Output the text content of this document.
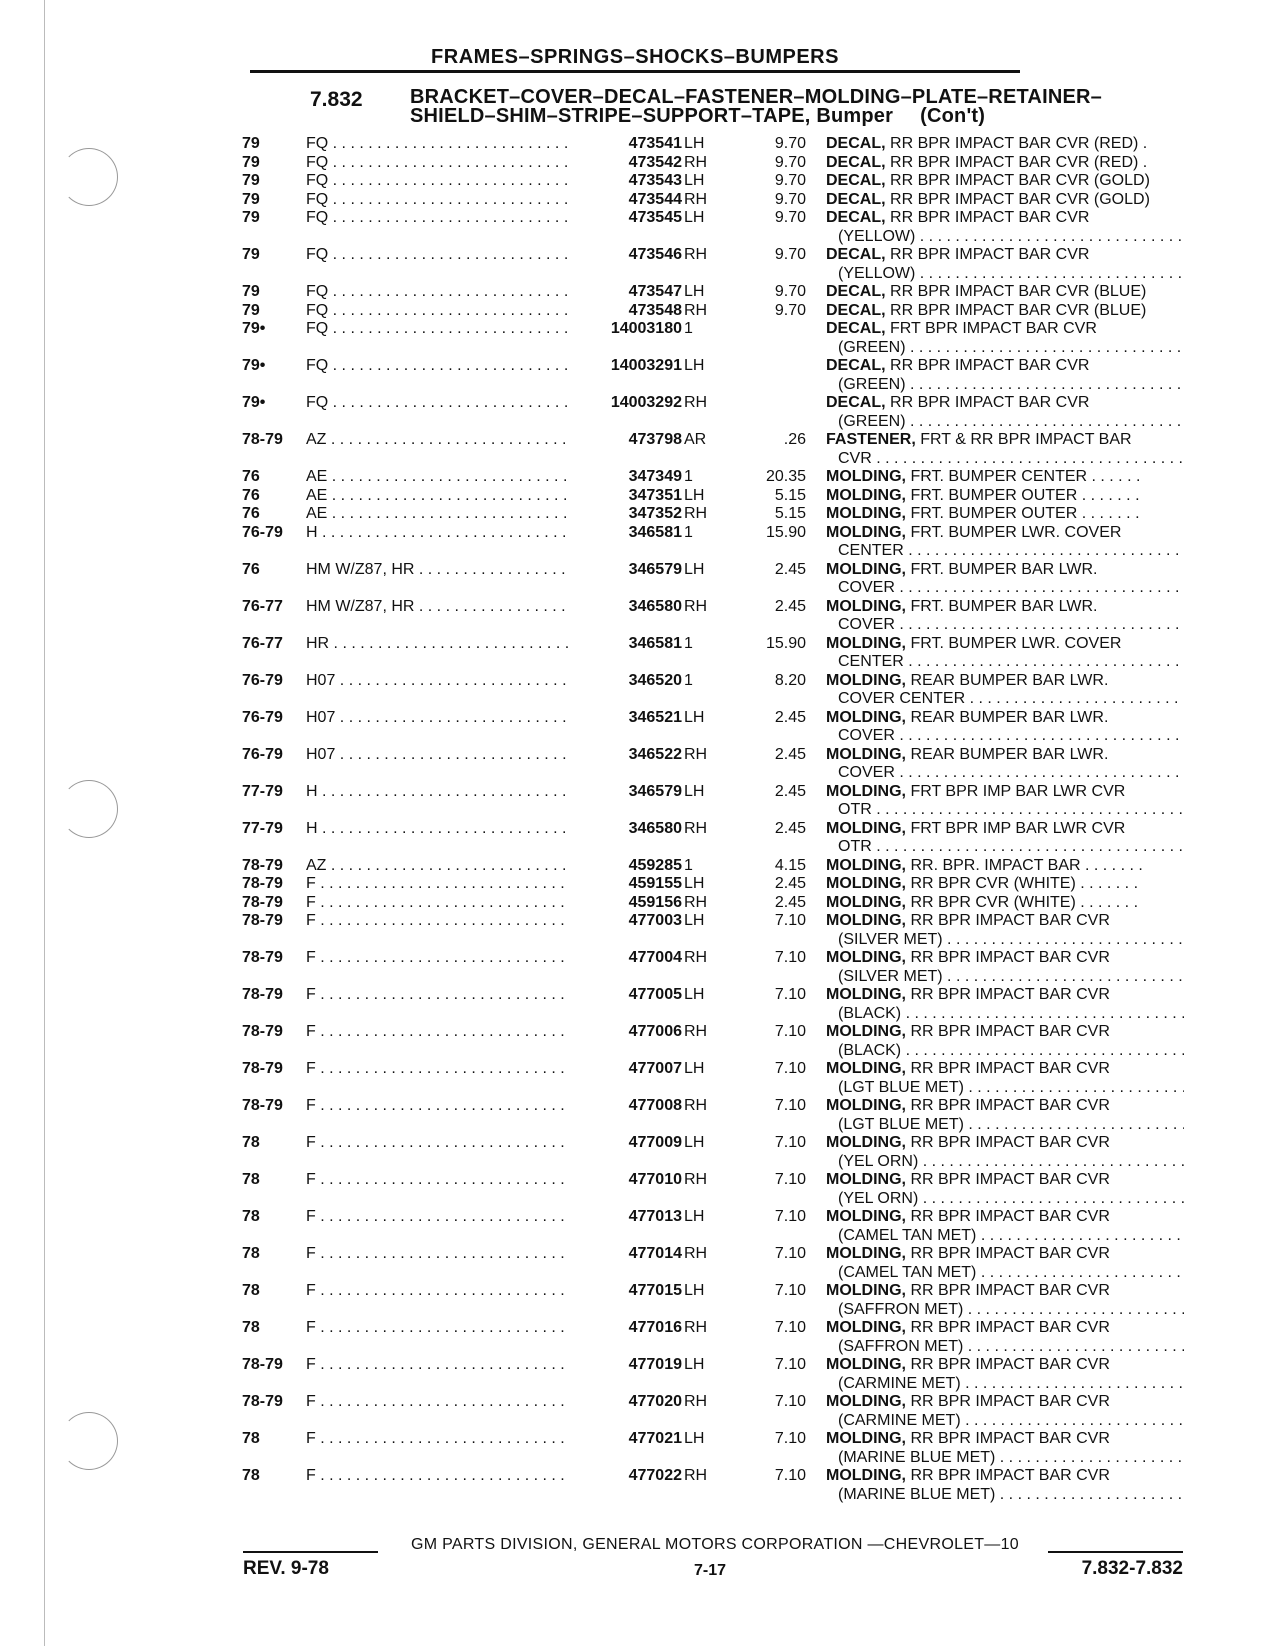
FRAMES–SPRINGS–SHOCKS–BUMPERS
7.832 BRACKET–COVER–DECAL–FASTENER–MOLDING–PLATE–RETAINER–
SHIELD–SHIM–STRIPE–SUPPORT–TAPE, Bumper (Con't)
79	FQ . . .	473541 LH	9.70 DECAL, RR BPR IMPACT BAR CVR (RED) .
79	FQ . . .	473542 RH	9.70 DECAL, RR BPR IMPACT BAR CVR (RED) .
79	FQ . . .	473543 LH	9.70 DECAL, RR BPR IMPACT BAR CVR (GOLD)
79	FQ . . .	473544 RH	9.70 DECAL, RR BPR IMPACT BAR CVR (GOLD)
79	FQ . . .	473545 LH	9.70 DECAL, RR BPR IMPACT BAR CVR
(YELLOW) . . .
79	FQ . . .	473546 RH	9.70 DECAL, RR BPR IMPACT BAR CVR
(YELLOW) . . .
79	FQ . . .	473547 LH	9.70 DECAL, RR BPR IMPACT BAR CVR (BLUE)
79	FQ . . .	473548 RH	9.70 DECAL, RR BPR IMPACT BAR CVR (BLUE)
79•	FQ . . .	14003180 1	DECAL, FRT BPR IMPACT BAR CVR
(GREEN) . . .
79•	FQ . . .	14003291 LH	DECAL, RR BPR IMPACT BAR CVR
(GREEN) . . .
79•	FQ . . .	14003292 RH	DECAL, RR BPR IMPACT BAR CVR
(GREEN) . . .
78-79 AZ . . .	473798 AR	.26 FASTENER, FRT & RR BPR IMPACT BAR
CVR . . .
76	AE . . .	347349 1	20.35 MOLDING, FRT. BUMPER CENTER . . . . . .
76	AE . . .	347351 LH	5.15 MOLDING, FRT. BUMPER OUTER . . . . . . .
76	AE . . .	347352 RH	5.15 MOLDING, FRT. BUMPER OUTER . . . . . . .
76-79 H . . .	346581 1	15.90 MOLDING, FRT. BUMPER LWR. COVER
CENTER . . .
76	HM W/Z87, HR . . .	346579 LH	2.45 MOLDING, FRT. BUMPER BAR LWR.
COVER . . .
76-77 HM W/Z87, HR . . .	346580 RH	2.45 MOLDING, FRT. BUMPER BAR LWR.
COVER . . .
76-77 HR . . .	346581 1	15.90 MOLDING, FRT. BUMPER LWR. COVER
CENTER . . .
76-79 H07 . . .	346520 1	8.20 MOLDING, REAR BUMPER BAR LWR.
COVER CENTER . . .
76-79 H07 . . .	346521 LH	2.45 MOLDING, REAR BUMPER BAR LWR.
COVER . . .
76-79 H07 . . .	346522 RH	2.45 MOLDING, REAR BUMPER BAR LWR.
COVER . . .
77-79 H . . .	346579 LH	2.45 MOLDING, FRT BPR IMP BAR LWR CVR
OTR . . .
77-79 H . . .	346580 RH	2.45 MOLDING, FRT BPR IMP BAR LWR CVR
OTR . . .
78-79 AZ . . .	459285 1	4.15 MOLDING, RR. BPR. IMPACT BAR . . . . . . .
78-79 F . . .	459155 LH	2.45 MOLDING, RR BPR CVR (WHITE) . . . . . . .
78-79 F . . .	459156 RH	2.45 MOLDING, RR BPR CVR (WHITE) . . . . . . .
78-79 F . . .	477003 LH	7.10 MOLDING, RR BPR IMPACT BAR CVR
(SILVER MET) . . .
78-79 F . . .	477004 RH	7.10 MOLDING, RR BPR IMPACT BAR CVR
(SILVER MET) . . .
78-79 F . . .	477005 LH	7.10 MOLDING, RR BPR IMPACT BAR CVR
(BLACK) . . .
78-79 F . . .	477006 RH	7.10 MOLDING, RR BPR IMPACT BAR CVR
(BLACK) . . .
78-79 F . . .	477007 LH	7.10 MOLDING, RR BPR IMPACT BAR CVR
(LGT BLUE MET) . . .
78-79 F . . .	477008 RH	7.10 MOLDING, RR BPR IMPACT BAR CVR
(LGT BLUE MET) . . .
78	F . . .	477009 LH	7.10 MOLDING, RR BPR IMPACT BAR CVR
(YEL ORN) . . .
78	F . . .	477010 RH	7.10 MOLDING, RR BPR IMPACT BAR CVR
(YEL ORN) . . .
78	F . . .	477013 LH	7.10 MOLDING, RR BPR IMPACT BAR CVR
(CAMEL TAN MET) . . .
78	F . . .	477014 RH	7.10 MOLDING, RR BPR IMPACT BAR CVR
(CAMEL TAN MET) . . .
78	F . . .	477015 LH	7.10 MOLDING, RR BPR IMPACT BAR CVR
(SAFFRON MET) . . .
78	F . . .	477016 RH	7.10 MOLDING, RR BPR IMPACT BAR CVR
(SAFFRON MET) . . .
78-79 F . . .	477019 LH	7.10 MOLDING, RR BPR IMPACT BAR CVR
(CARMINE MET) . . .
78-79 F . . .	477020 RH	7.10 MOLDING, RR BPR IMPACT BAR CVR
(CARMINE MET) . . .
78	F . . .	477021 LH	7.10 MOLDING, RR BPR IMPACT BAR CVR
(MARINE BLUE MET) . . .
78	F . . .	477022 RH	7.10 MOLDING, RR BPR IMPACT BAR CVR
(MARINE BLUE MET) . . .
GM PARTS DIVISION, GENERAL MOTORS CORPORATION —CHEVROLET—10
REV. 9-78	7-17	7.832-7.832
